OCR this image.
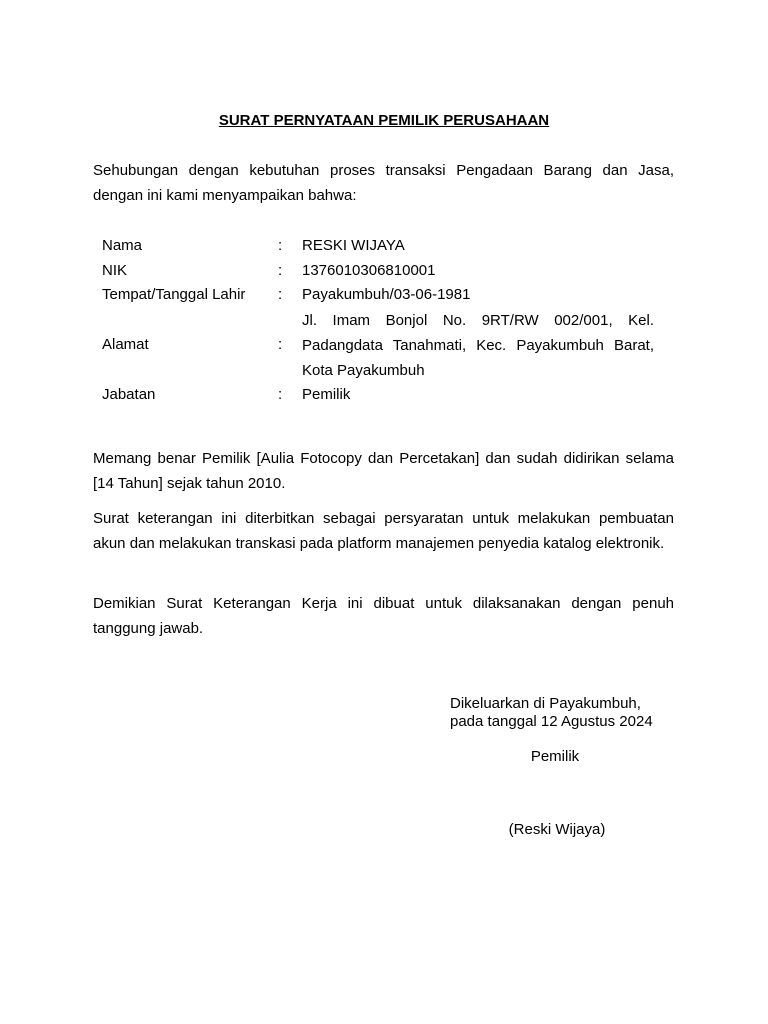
SURAT PERNYATAAN PEMILIK PERUSAHAAN
Sehubungan dengan kebutuhan proses transaksi Pengadaan Barang dan Jasa, dengan ini kami menyampaikan bahwa:
Nama	: RESKI WIJAYA
NIK	: 1376010306810001
Tempat/Tanggal Lahir : Payakumbuh/03-06-1981
Alamat	:
Jl. Imam Bonjol No. 9RT/RW 002/001, Kel. Padangdata Tanahmati, Kec. Payakumbuh Barat, Kota Payakumbuh
Jabatan	: Pemilik
Memang benar Pemilik [Aulia Fotocopy dan Percetakan] dan sudah didirikan selama [14 Tahun] sejak tahun 2010.
Surat keterangan ini diterbitkan sebagai persyaratan untuk melakukan pembuatan akun dan melakukan transkasi pada platform manajemen penyedia katalog elektronik.
Demikian Surat Keterangan Kerja ini dibuat untuk dilaksanakan dengan penuh tanggung jawab.
Dikeluarkan di Payakumbuh,
pada tanggal 12 Agustus 2024
Pemilik
(Reski Wijaya)
